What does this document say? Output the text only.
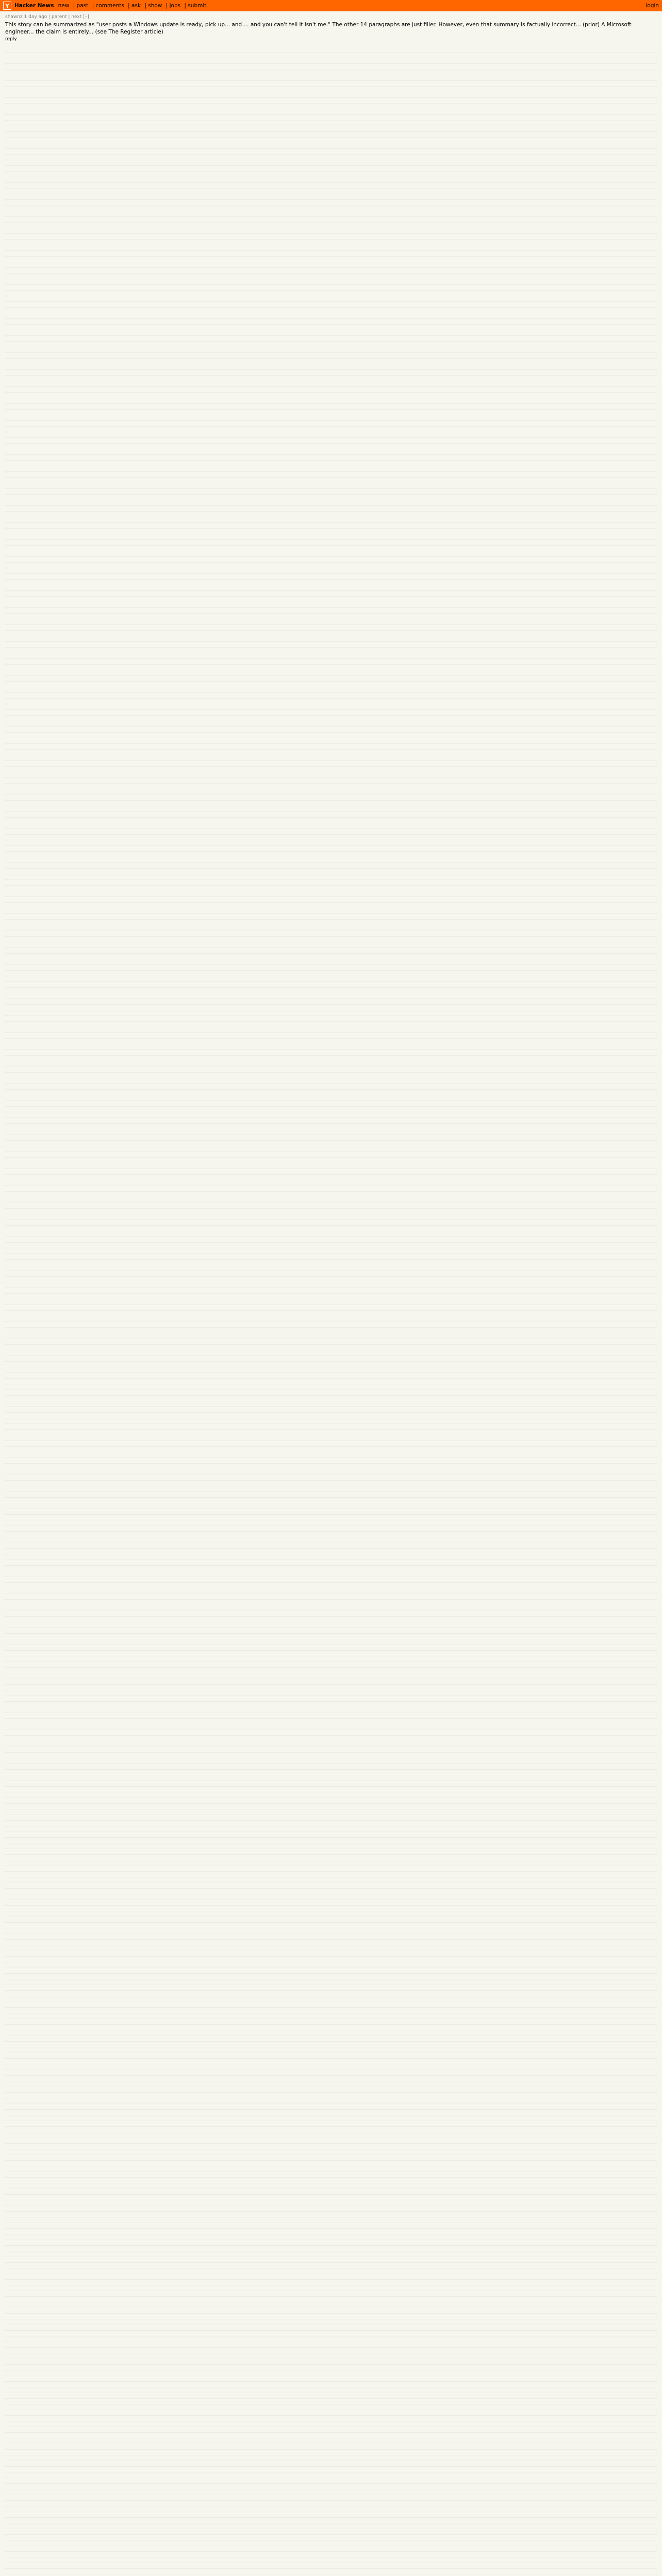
Y Hacker News new | past | comments | ask | show | jobs | submit	login
shawnz 1 day ago | parent | next [–]
This story can be summarized as "user posts a Windows update is ready, pick up... and ... and you can't tell it isn't me." The other 14 paragraphs are just filler. However, even that summary is factually incorrect... (prior) A Microsoft engineer... the claim is entirely... (see The Register article)
reply
